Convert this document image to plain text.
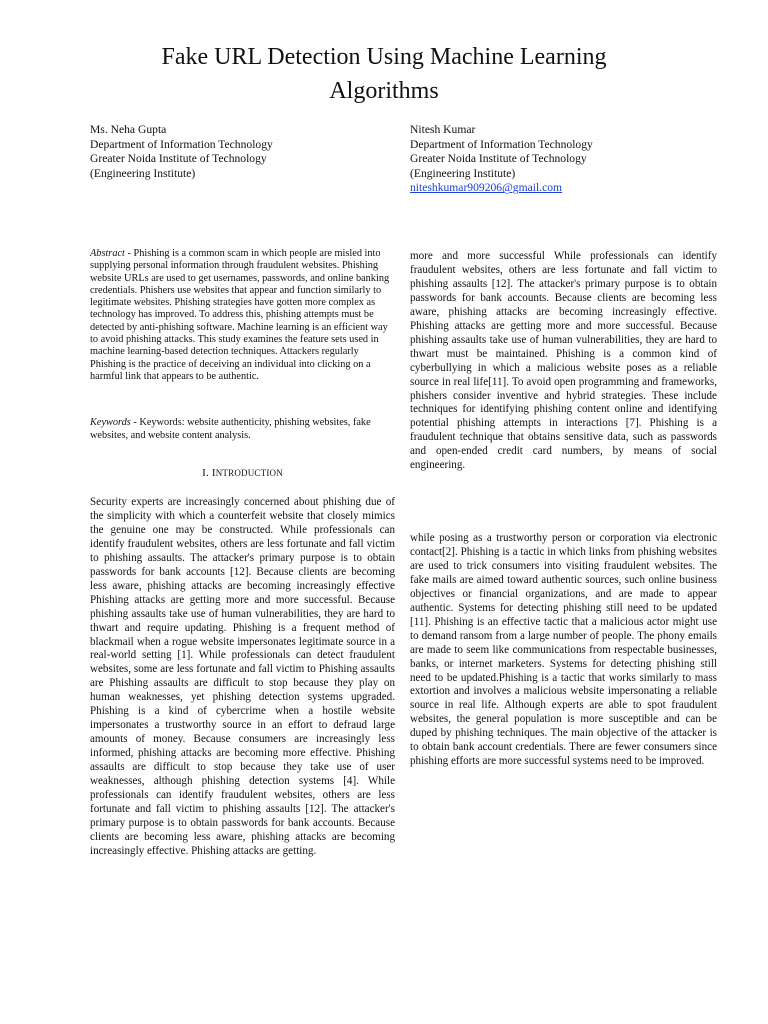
Fake URL Detection Using Machine Learning
Algorithms
Ms. Neha Gupta
Department of Information Technology
Greater Noida Institute of Technology
(Engineering Institute)
Nitesh Kumar
Department of Information Technology
Greater Noida Institute of Technology
(Engineering Institute)
niteshkumar909206@gmail.com

Abstract - Phishing is a common scam in which people are misled into supplying personal information through fraudulent websites. Phishing website URLs are used to get usernames, passwords, and online banking credentials. Phishers use websites that appear and function similarly to legitimate websites. Phishing strategies have gotten more complex as technology has improved. To address this, phishing attempts must be detected by anti-phishing software. Machine learning is an efficient way to avoid phishing attacks. This study examines the feature sets used in machine learning-based detection techniques. Attackers regularly Phishing is the practice of deceiving an individual into clicking on a harmful link that appears to be authentic.

Keywords - Keywords: website authenticity, phishing websites, fake websites, and website content analysis.

I. INTRODUCTION

Security experts are increasingly concerned about phishing due of the simplicity with which a counterfeit website that closely mimics the genuine one may be constructed. While professionals can identify fraudulent websites, others are less fortunate and fall victim to phishing assaults. The attacker's primary purpose is to obtain passwords for bank accounts [12]. Because clients are becoming less aware, phishing attacks are becoming increasingly effective Phishing attacks are getting more and more successful. Because phishing assaults take use of human vulnerabilities, they are hard to thwart and require updating. Phishing is a frequent method of blackmail when a rogue website impersonates legitimate source in a real-world setting [1]. While professionals can detect fraudulent websites, some are less fortunate and fall victim to Phishing assaults are Phishing assaults are difficult to stop because they play on human weaknesses, yet phishing detection systems upgraded. Phishing is a kind of cybercrime when a hostile website impersonates a trustworthy source in an effort to defraud large amounts of money. Because consumers are increasingly less informed, phishing attacks are becoming more effective. Phishing assaults are difficult to stop because they take use of user weaknesses, although phishing detection systems [4]. While professionals can identify fraudulent websites, others are less fortunate and fall victim to phishing assaults [12]. The attacker's primary purpose is to obtain passwords for bank accounts. Because clients are becoming less aware, phishing attacks are becoming increasingly effective. Phishing attacks are getting.

more and more successful While professionals can identify fraudulent websites, others are less fortunate and fall victim to phishing assaults [12]. The attacker's primary purpose is to obtain passwords for bank accounts. Because clients are becoming less aware, phishing attacks are becoming increasingly effective. Phishing attacks are getting more and more successful. Because phishing assaults take use of human vulnerabilities, they are hard to thwart must be maintained. Phishing is a common kind of cyberbullying in which a malicious website poses as a reliable source in real life[11]. To avoid open programming and frameworks, phishers consider inventive and hybrid strategies. These include techniques for identifying phishing content online and identifying potential phishing attempts in interactions [7]. Phishing is a fraudulent technique that obtains sensitive data, such as passwords and open-ended credit card numbers, by means of social engineering.

while posing as a trustworthy person or corporation via electronic contact[2]. Phishing is a tactic in which links from phishing websites are used to trick consumers into visiting fraudulent websites. The fake mails are aimed toward authentic sources, such online business objectives or financial organizations, and are made to appear authentic. Systems for detecting phishing still need to be updated [11]. Phishing is an effective tactic that a malicious actor might use to demand ransom from a large number of people. The phony emails are made to seem like communications from respectable businesses, banks, or internet marketers. Systems for detecting phishing still need to be updated.Phishing is a tactic that works similarly to mass extortion and involves a malicious website impersonating a reliable source in real life. Although experts are able to spot fraudulent websites, the general population is more susceptible and can be duped by phishing techniques. The main objective of the attacker is to obtain bank account credentials. There are fewer consumers since phishing efforts are more successful systems need to be improved.
